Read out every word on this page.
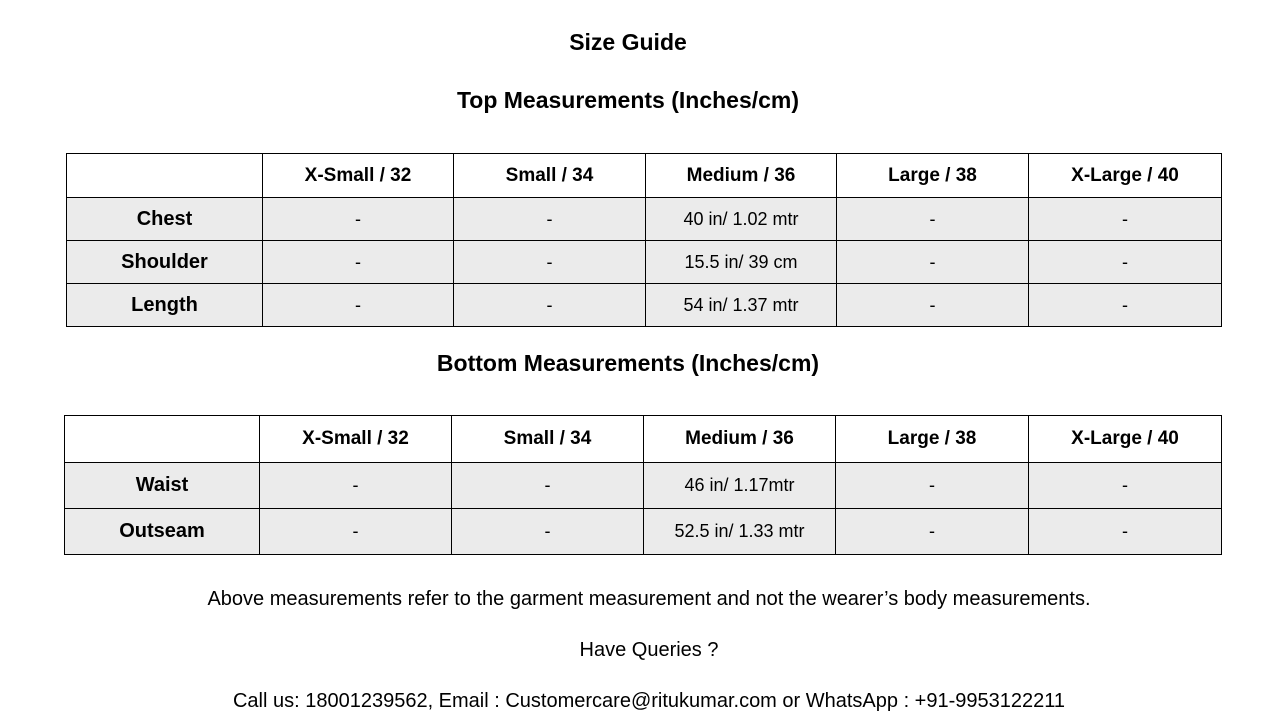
Size Guide
Top Measurements (Inches/cm)
	X-Small / 32	Small / 34	Medium / 36	Large / 38	X-Large / 40
Chest	-	-	40 in/ 1.02 mtr	-	-
Shoulder	-	-	15.5 in/ 39 cm	-	-
Length	-	-	54 in/ 1.37 mtr	-	-
Bottom Measurements (Inches/cm)
	X-Small / 32	Small / 34	Medium / 36	Large / 38	X-Large / 40
Waist	-	-	46 in/ 1.17mtr	-	-
Outseam	-	-	52.5 in/ 1.33 mtr	-	-
Above measurements refer to the garment measurement and not the wearer’s body measurements.
Have Queries ?
Call us: 18001239562, Email : Customercare@ritukumar.com or WhatsApp : +91-9953122211
